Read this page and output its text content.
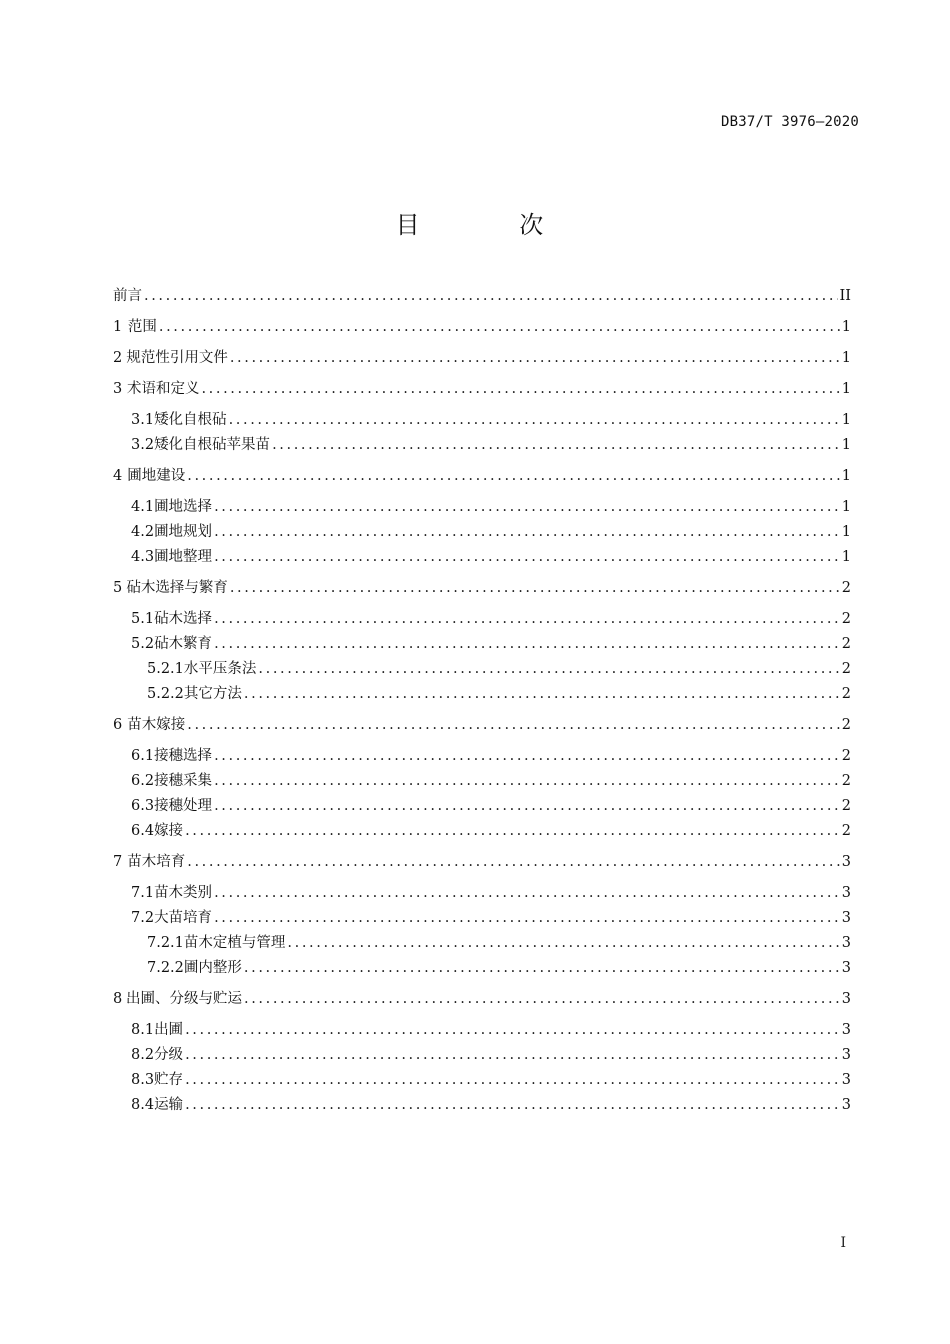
DB37/T 3976—2020
目 次
前言 .....	II
1 范围 .....	1
2 规范性引用文件 .....	1
3 术语和定义 .....	1
3.1 矮化自根砧 .....	1
3.2 矮化自根砧苹果苗 .....	1
4 圃地建设 .....	1
4.1 圃地选择 .....	1
4.2 圃地规划 .....	1
4.3 圃地整理 .....	1
5 砧木选择与繁育 .....	2
5.1 砧木选择 .....	2
5.2 砧木繁育 .....	2
5.2.1 水平压条法 .....	2
5.2.2 其它方法 .....	2
6 苗木嫁接 .....	2
6.1 接穗选择 .....	2
6.2 接穗采集 .....	2
6.3 接穗处理 .....	2
6.4 嫁接 .....	2
7 苗木培育 .....	3
7.1 苗木类别 .....	3
7.2 大苗培育 .....	3
7.2.1 苗木定植与管理 .....	3
7.2.2 圃内整形 .....	3
8 出圃、分级与贮运 .....	3
8.1 出圃 .....	3
8.2 分级 .....	3
8.3 贮存 .....	3
8.4 运输 .....	3
I
